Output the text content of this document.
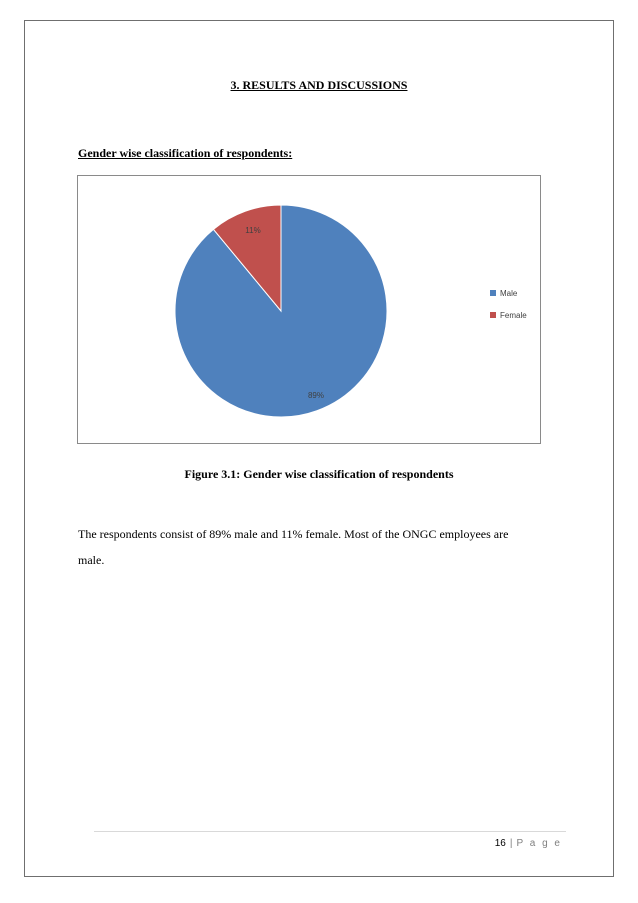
3. RESULTS AND DISCUSSIONS
Gender wise classification of respondents:
89%
11%
Male
Female
Figure 3.1: Gender wise classification of respondents
The respondents consist of 89% male and 11% female. Most of the ONGC employees are
male.
16 | P a g e
